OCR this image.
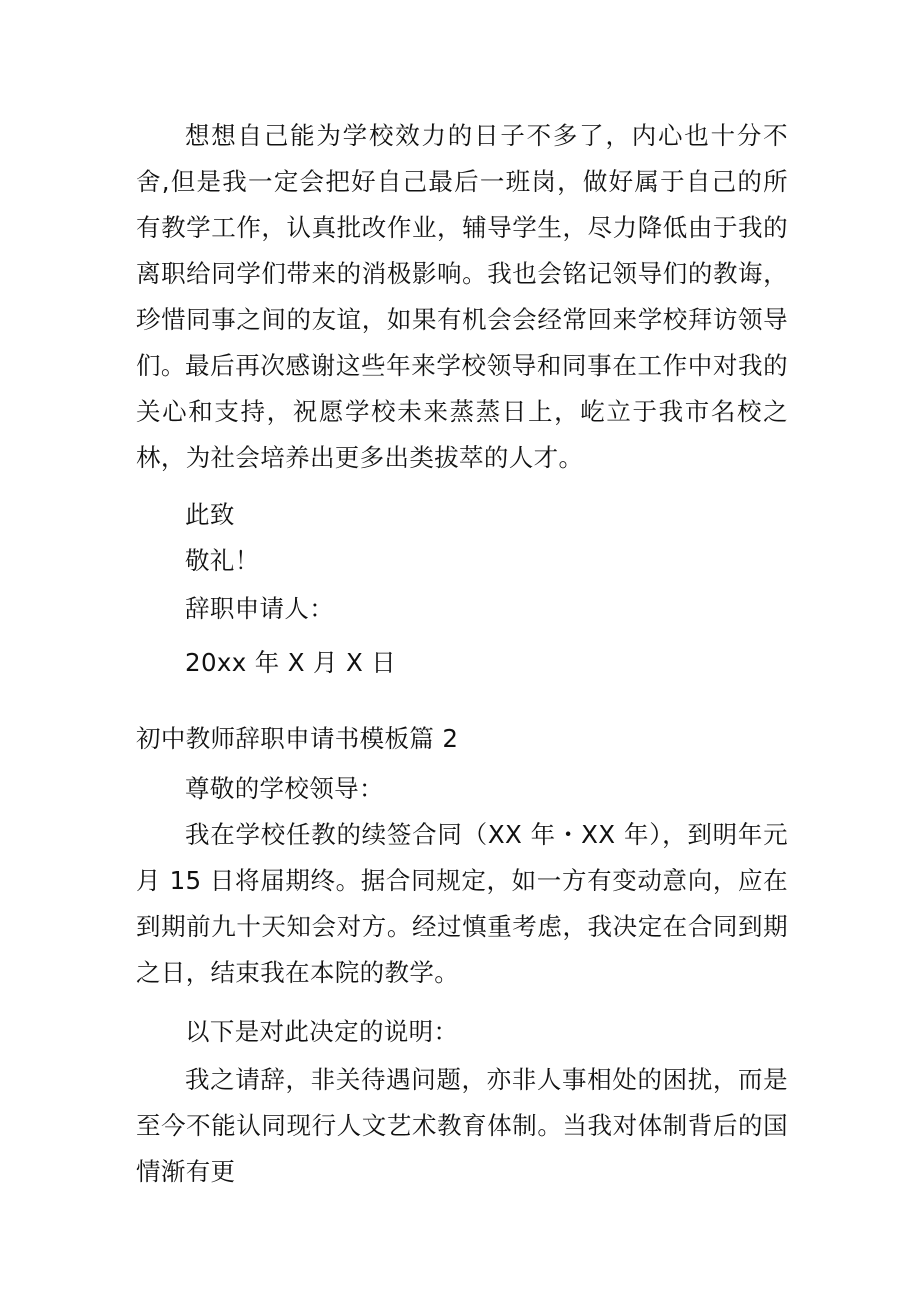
想想自己能为学校效力的日子不多了，内心也十分不舍,但是我一定会把好自己最后一班岗，做好属于自己的所有教学工作，认真批改作业，辅导学生，尽力降低由于我的离职给同学们带来的消极影响。我也会铭记领导们的教诲，珍惜同事之间的友谊，如果有机会会经常回来学校拜访领导们。 最后再次感谢这些年来学校领导和同事在工作中对我的关心和支持，祝愿学校未来蒸蒸日上，屹立于我市名校之林，为社会培养出更多出类拔萃的人才。
此致
敬礼！
辞职申请人：
20xx 年 X 月 X 日
初中教师辞职申请书模板篇 2
尊敬的学校领导：
我在学校任教的续签合同（XX 年・XX 年），到明年元月 15 日将届期终。据合同规定，如一方有变动意向，应在到期前九十天知会对方。经过慎重考虑，我决定在合同到期之日，结束我在本院的教学。
以下是对此决定的说明：
我之请辞，非关待遇问题，亦非人事相处的困扰，而是至今不能认同现行人文艺术教育体制。当我对体制背后的国情渐有更
